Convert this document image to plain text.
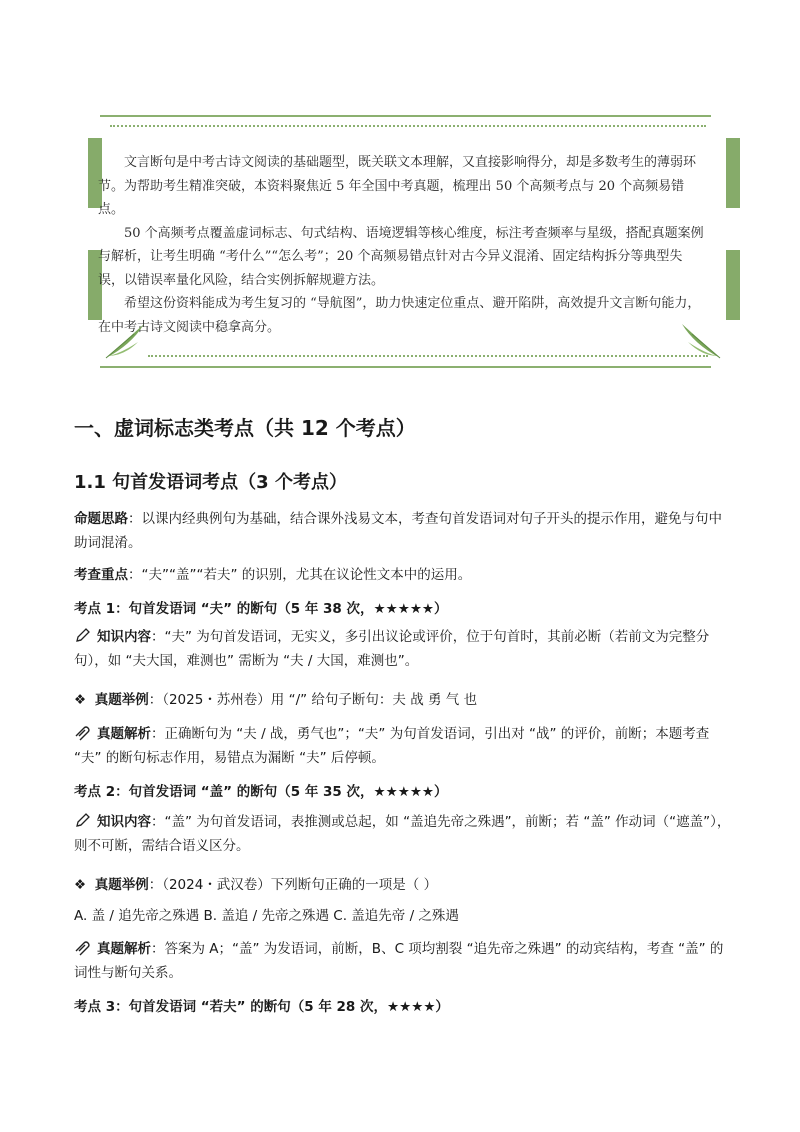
文言断句是中考古诗文阅读的基础题型，既关联文本理解，又直接影响得分，却是多数考生的薄弱环节。为帮助考生精准突破，本资料聚焦近 5 年全国中考真题，梳理出 50 个高频考点与 20 个高频易错点。

50 个高频考点覆盖虚词标志、句式结构、语境逻辑等核心维度，标注考查频率与星级，搭配真题案例与解析，让考生明确 “考什么”“怎么考”；20 个高频易错点针对古今异义混淆、固定结构拆分等典型失误，以错误率量化风险，结合实例拆解规避方法。

希望这份资料能成为考生复习的 “导航图”，助力快速定位重点、避开陷阱，高效提升文言断句能力，在中考古诗文阅读中稳拿高分。

一、虚词标志类考点（共 12 个考点）
1.1 句首发语词考点（3 个考点）

命题思路：以课内经典例句为基础，结合课外浅易文本，考查句首发语词对句子开头的提示作用，避免与句中助词混淆。

考查重点：“夫”“盖”“若夫” 的识别，尤其在议论性文本中的运用。

考点 1：句首发语词 “夫” 的断句（5 年 38 次，★★★★★）

知识内容：“夫” 为句首发语词，无实义，多引出议论或评价，位于句首时，其前必断（若前文为完整分句），如 “夫大国，难测也” 需断为 “夫 / 大国，难测也”。

❖ 真题举例：（2025・苏州卷）用 “/” 给句子断句：夫 战 勇 气 也

真题解析：正确断句为 “夫 / 战，勇气也”；“夫” 为句首发语词，引出对 “战” 的评价，前断；本题考查 “夫” 的断句标志作用，易错点为漏断 “夫” 后停顿。

考点 2：句首发语词 “盖” 的断句（5 年 35 次，★★★★★）

知识内容：“盖” 为句首发语词，表推测或总起，如 “盖追先帝之殊遇”，前断；若 “盖” 作动词（“遮盖”），则不可断，需结合语义区分。

❖ 真题举例：（2024・武汉卷）下列断句正确的一项是（ ）

A. 盖 / 追先帝之殊遇 B. 盖追 / 先帝之殊遇 C. 盖追先帝 / 之殊遇

真题解析：答案为 A；“盖” 为发语词，前断，B、C 项均割裂 “追先帝之殊遇” 的动宾结构，考查 “盖” 的词性与断句关系。

考点 3：句首发语词 “若夫” 的断句（5 年 28 次，★★★★）
